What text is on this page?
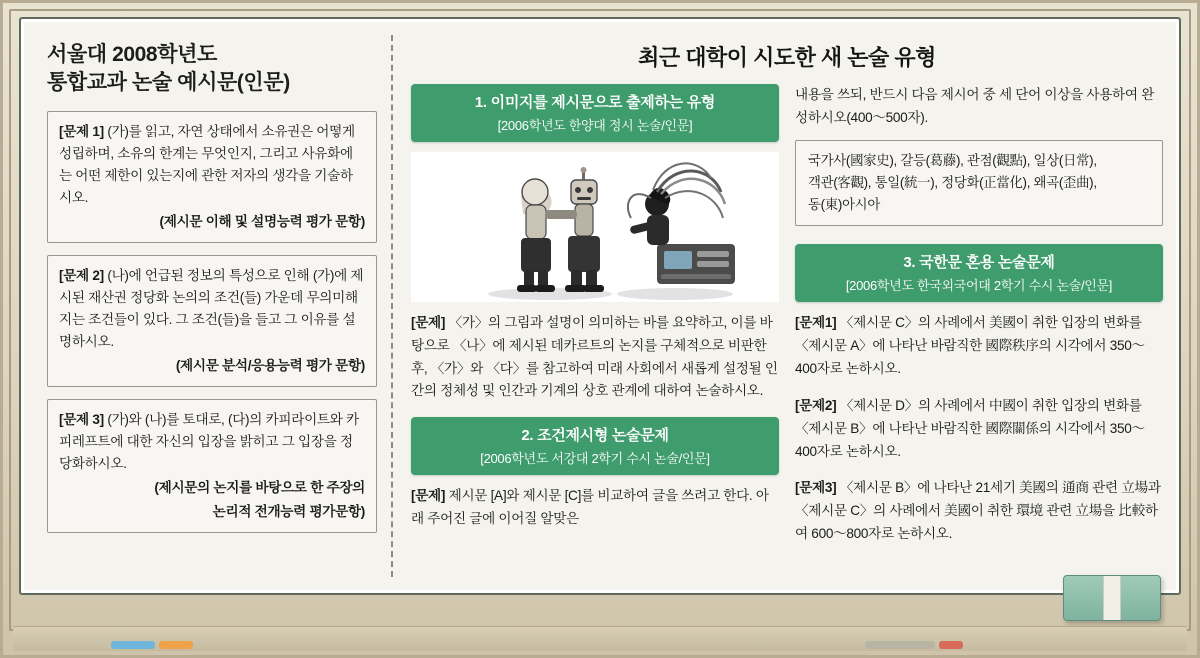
서울대 2008학년도
통합교과 논술 예시문(인문)
[문제 1] (가)를 읽고, 자연 상태에서 소유권은 어떻게 성립하며, 소유의 한계는 무엇인지, 그리고 사유화에는 어떤 제한이 있는지에 관한 저자의 생각을 기술하시오.
(제시문 이해 및 설명능력 평가 문항)
[문제 2] (나)에 언급된 정보의 특성으로 인해 (가)에 제시된 재산권 정당화 논의의 조건(들) 가운데 무의미해지는 조건들이 있다. 그 조건(들)을 들고 그 이유를 설명하시오.
(제시문 분석/응용능력 평가 문항)
[문제 3] (가)와 (나)를 토대로, (다)의 카피라이트와 카피레프트에 대한 자신의 입장을 밝히고 그 입장을 정당화하시오.
(제시문의 논지를 바탕으로 한 주장의
논리적 전개능력 평가문항)
최근 대학이 시도한 새 논술 유형
1. 이미지를 제시문으로 출제하는 유형
[2006학년도 한양대 정시 논술/인문]
[문제] 〈가〉의 그림과 설명이 의미하는 바를 요약하고, 이를 바탕으로 〈나〉에 제시된 데카르트의 논지를 구체적으로 비판한 후, 〈가〉와 〈다〉를 참고하여 미래 사회에서 새롭게 설정될 인간의 정체성 및 인간과 기계의 상호 관계에 대하여 논술하시오.
2. 조건제시형 논술문제
[2006학년도 서강대 2학기 수시 논술/인문]
[문제] 제시문 [A]와 제시문 [C]를 비교하여 글을 쓰려고 한다. 아래 주어진 글에 이어질 알맞은
내용을 쓰되, 반드시 다음 제시어 중 세 단어 이상을 사용하여 완성하시오(400～500자).
국가사(國家史), 갈등(葛藤), 관점(觀點), 일상(日常),
객관(客觀), 통일(統一), 정당화(正當化), 왜곡(歪曲),
동(東)아시아
3. 국한문 혼용 논술문제
[2006학년도 한국외국어대 2학기 수시 논술/인문]
[문제1] 〈제시문 C〉의 사례에서 美國이 취한 입장의 변화를 〈제시문 A〉에 나타난 바람직한 國際秩序의 시각에서 350～400자로 논하시오.
[문제2] 〈제시문 D〉의 사례에서 中國이 취한 입장의 변화를 〈제시문 B〉에 나타난 바람직한 國際關係의 시각에서 350～400자로 논하시오.
[문제3] 〈제시문 B〉에 나타난 21세기 美國의 通商 관련 立場과 〈제시문 C〉의 사례에서 美國이 취한 環境 관련 立場을 比較하여 600～800자로 논하시오.
